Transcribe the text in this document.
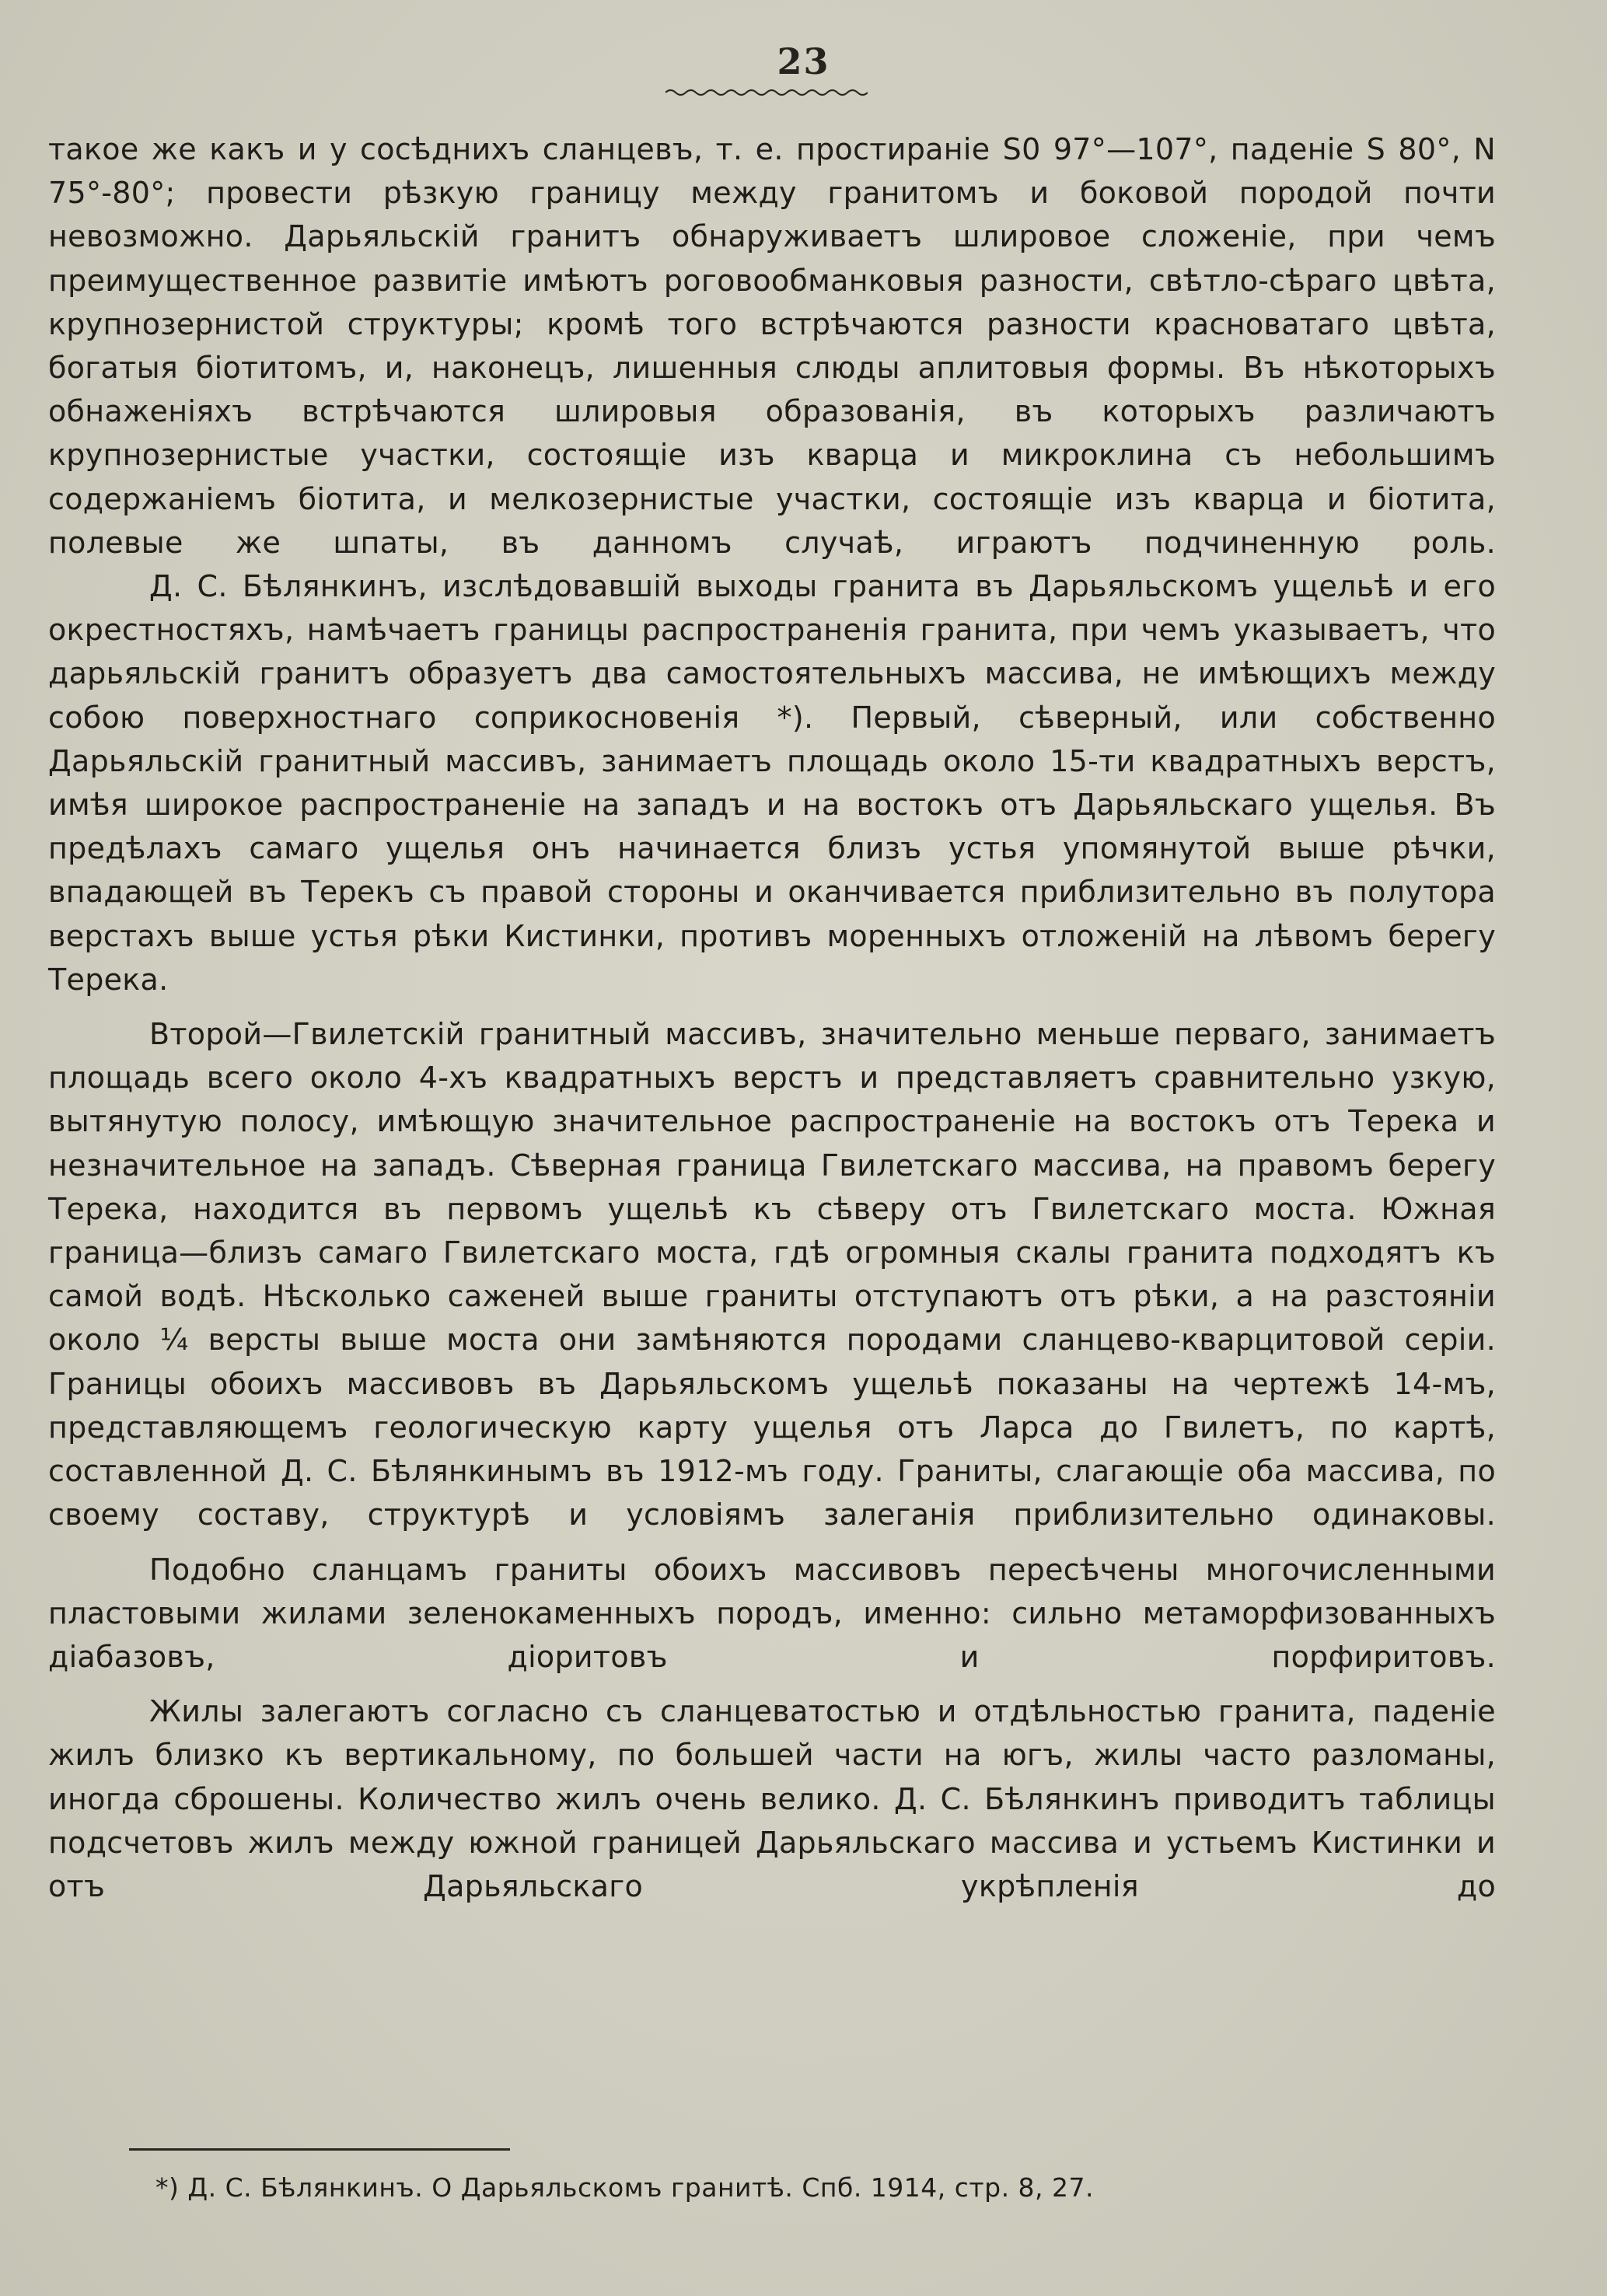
23

такое же какъ и у сосѣднихъ сланцевъ, т. е. простираніе S0 97°—107°, паденіе S 80°, N 75°-80°; провести рѣзкую границу между гранитомъ и боковой породой почти невозможно. Дарьяльскій гранитъ обнаруживаетъ шлировое сложеніе, при чемъ преимущественное развитіе имѣютъ роговообманковыя разности, свѣтло-сѣраго цвѣта, крупнозернистой структуры; кромѣ того встрѣчаются разности красноватаго цвѣта, богатыя біотитомъ, и, наконецъ, лишенныя слюды аплитовыя формы. Въ нѣкоторыхъ обнаженіяхъ встрѣчаются шлировыя образованія, въ которыхъ различаютъ крупнозернистые участки, состоящіе изъ кварца и микроклина съ небольшимъ содержаніемъ біотита, и мелкозернистые участки, состоящіе изъ кварца и біотита, полевые же шпаты, въ данномъ случаѣ, играютъ подчиненную роль.

Д. С. Бѣлянкинъ, изслѣдовавшій выходы гранита въ Дарьяльскомъ ущельѣ и его окрестностяхъ, намѣчаетъ границы распространенія гранита, при чемъ указываетъ, что дарьяльскій гранитъ образуетъ два самостоятельныхъ массива, не имѣющихъ между собою поверхностнаго соприкосновенія *). Первый, сѣверный, или собственно Дарьяльскій гранитный массивъ, занимаетъ площадь около 15-ти квадратныхъ верстъ, имѣя широкое распространеніе на западъ и на востокъ отъ Дарьяльскаго ущелья. Въ предѣлахъ самаго ущелья онъ начинается близъ устья упомянутой выше рѣчки, впадающей въ Терекъ съ правой стороны и оканчивается приблизительно въ полутора верстахъ выше устья рѣки Кистинки, противъ моренныхъ отложеній на лѣвомъ берегу Терека.

Второй—Гвилетскій гранитный массивъ, значительно меньше перваго, занимаетъ площадь всего около 4-хъ квадратныхъ верстъ и представляетъ сравнительно узкую, вытянутую полосу, имѣющую значительное распространеніе на востокъ отъ Терека и незначительное на западъ. Сѣверная граница Гвилетскаго массива, на правомъ берегу Терека, находится въ первомъ ущельѣ къ сѣверу отъ Гвилетскаго моста. Южная граница—близъ самаго Гвилетскаго моста, гдѣ огромныя скалы гранита подходятъ къ самой водѣ. Нѣсколько саженей выше граниты отступаютъ отъ рѣки, а на разстояніи около ¼ версты выше моста они замѣняются породами сланцево-кварцитовой серіи. Границы обоихъ массивовъ въ Дарьяльскомъ ущельѣ показаны на чертежѣ 14-мъ, представляющемъ геологическую карту ущелья отъ Ларса до Гвилетъ, по картѣ, составленной Д. С. Бѣлянкинымъ въ 1912-мъ году. Граниты, слагающіе оба массива, по своему составу, структурѣ и условіямъ залеганія приблизительно одинаковы.

Подобно сланцамъ граниты обоихъ массивовъ пересѣчены многочисленными пластовыми жилами зеленокаменныхъ породъ, именно: сильно метаморфизованныхъ діабазовъ, діоритовъ и порфиритовъ.

Жилы залегаютъ согласно съ сланцеватостью и отдѣльностью гранита, паденіе жилъ близко къ вертикальному, по большей части на югъ, жилы часто разломаны, иногда сброшены. Количество жилъ очень велико. Д. С. Бѣлянкинъ приводитъ таблицы подсчетовъ жилъ между южной границей Дарьяльскаго массива и устьемъ Кистинки и отъ Дарьяльскаго укрѣпленія до

*) Д. С. Бѣлянкинъ. О Дарьяльскомъ гранитѣ. Спб. 1914, стр. 8, 27.
